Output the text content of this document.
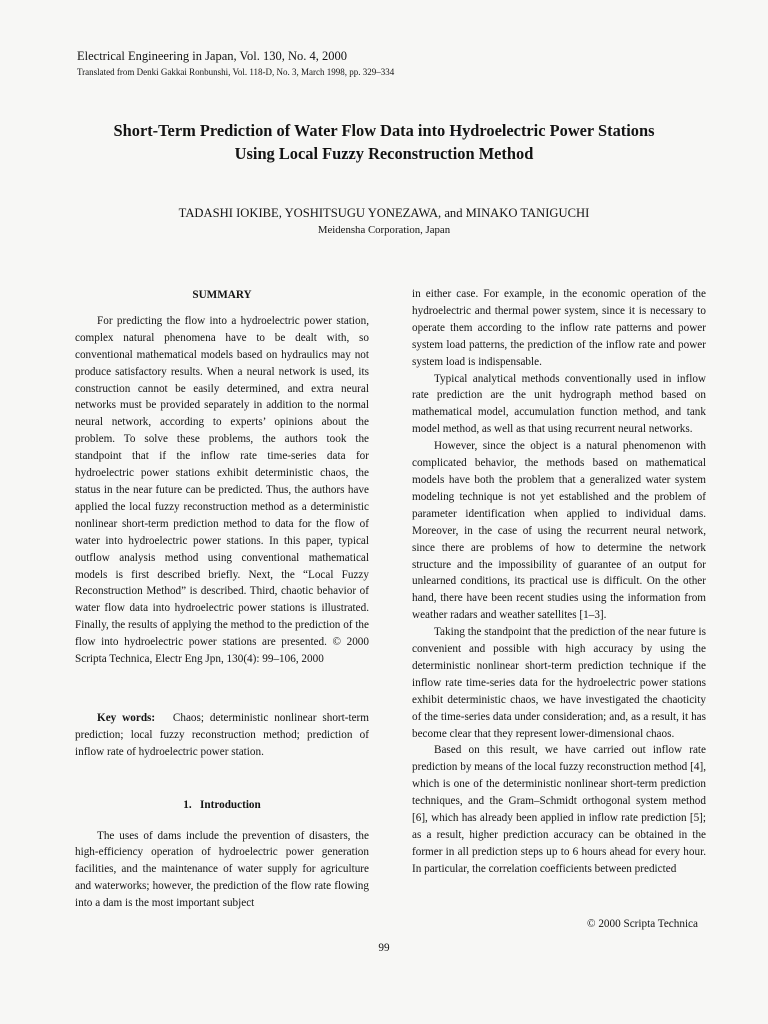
Electrical Engineering in Japan, Vol. 130, No. 4, 2000
Translated from Denki Gakkai Ronbunshi, Vol. 118-D, No. 3, March 1998, pp. 329–334
Short-Term Prediction of Water Flow Data into Hydroelectric Power Stations
Using Local Fuzzy Reconstruction Method
TADASHI IOKIBE, YOSHITSUGU YONEZAWA, and MINAKO TANIGUCHI
Meidensha Corporation, Japan

SUMMARY

For predicting the flow into a hydroelectric power station, complex natural phenomena have to be dealt with, so conventional mathematical models based on hydraulics may not produce satisfactory results. When a neural network is used, its construction cannot be easily determined, and extra neural networks must be provided separately in addition to the normal neural network, according to experts’ opinions about the problem. To solve these problems, the authors took the standpoint that if the inflow rate time-series data for hydroelectric power stations exhibit deterministic chaos, the status in the near future can be predicted. Thus, the authors have applied the local fuzzy reconstruction method as a deterministic nonlinear short-term prediction method to data for the flow of water into hydroelectric power stations. In this paper, typical outflow analysis method using conventional mathematical models is first described briefly. Next, the “Local Fuzzy Reconstruction Method” is described. Third, chaotic behavior of water flow data into hydroelectric power stations is illustrated. Finally, the results of applying the method to the prediction of the flow into hydroelectric power stations are presented. © 2000 Scripta Technica, Electr Eng Jpn, 130(4): 99–106, 2000

Key words: Chaos; deterministic nonlinear short-term prediction; local fuzzy reconstruction method; prediction of inflow rate of hydroelectric power station.

1.   Introduction

The uses of dams include the prevention of disasters, the high-efficiency operation of hydroelectric power generation facilities, and the maintenance of water supply for agriculture and waterworks; however, the prediction of the flow rate flowing into a dam is the most important subject

in either case. For example, in the economic operation of the hydroelectric and thermal power system, since it is necessary to operate them according to the inflow rate patterns and power system load patterns, the prediction of the inflow rate and power system load is indispensable.

Typical analytical methods conventionally used in inflow rate prediction are the unit hydrograph method based on mathematical model, accumulation function method, and tank model method, as well as that using recurrent neural networks.

However, since the object is a natural phenomenon with complicated behavior, the methods based on mathematical models have both the problem that a generalized water system modeling technique is not yet established and the problem of parameter identification when applied to individual dams. Moreover, in the case of using the recurrent neural network, since there are problems of how to determine the network structure and the impossibility of guarantee of an output for unlearned conditions, its practical use is difficult. On the other hand, there have been recent studies using the information from weather radars and weather satellites [1–3].

Taking the standpoint that the prediction of the near future is convenient and possible with high accuracy by using the deterministic nonlinear short-term prediction technique if the inflow rate time-series data for the hydroelectric power stations exhibit deterministic chaos, we have investigated the chaoticity of the time-series data under consideration; and, as a result, it has become clear that they represent lower-dimensional chaos.

Based on this result, we have carried out inflow rate prediction by means of the local fuzzy reconstruction method [4], which is one of the deterministic nonlinear short-term prediction techniques, and the Gram–Schmidt orthogonal system method [6], which has already been applied in inflow rate prediction [5]; as a result, higher prediction accuracy can be obtained in the former in all prediction steps up to 6 hours ahead for every hour. In particular, the correlation coefficients between predicted

© 2000 Scripta Technica
99
